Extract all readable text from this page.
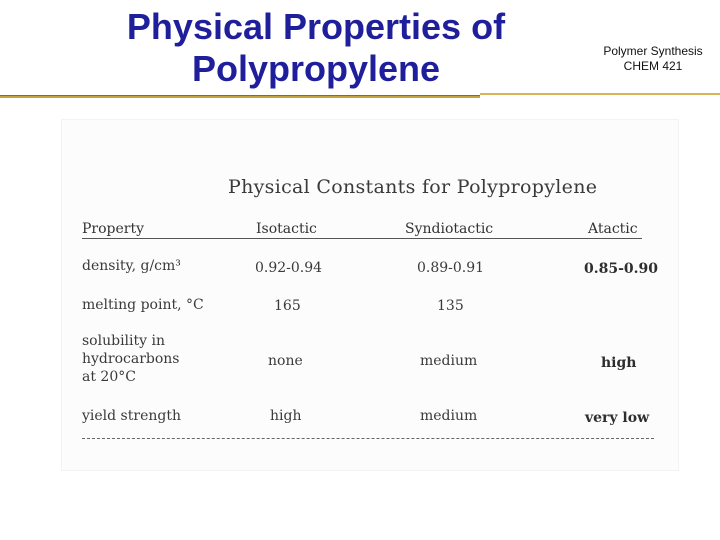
Physical Properties of
Polypropylene	Polymer Synthesis
CHEM 421
Physical Constants for Polypropylene
Property	Isotactic	Syndiotactic	Atactic
density, g/cm³	0.92-0.94	0.89-0.91	0.85-0.90
melting point, °C	165	135
solubility in
hydrocarbons
at 20°C
none	medium	high
yield strength	high	medium	very low
